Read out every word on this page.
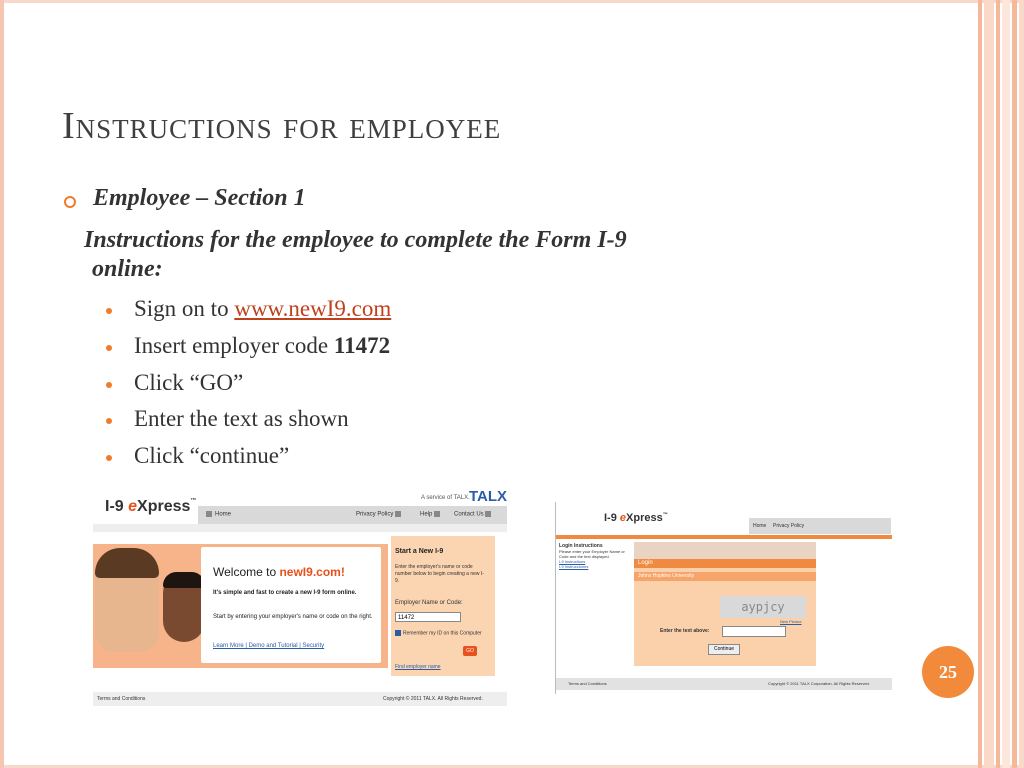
Instructions for employee
Employee – Section 1
Instructions for the employee to complete the Form I-9
online:
Sign on to www.newI9.com
Insert employer code 11472
Click “GO”
Enter the text as shown
Click “continue”
I-9 eXpress™	A service of TALX. TALX
Home	Privacy Policy	Help	Contact Us
Welcome to newI9.com!
It's simple and fast to create a new I-9 form online.
Start by entering your employer's name or code on the right.
Learn More | Demo and Tutorial | Security
Start a New I-9
Enter the employer's name or code number below to begin creating a new I-9.
Employer Name or Code:
11472
Remember my ID on this Computer
GO
Find employer name
Terms and Conditions	Copyright © 2011 TALX. All Rights Reserved.
I-9 eXpress™
Home Privacy Policy
Login Instructions
Please enter your Employer Name or Code and the text displayed.
I-9 Instructions
I-9 Instrucciones
Login
Johns Hopkins University
aypjcy
New Picture
Enter the text above:
Continue
Terms and Conditions	Copyright © 2011 TALX Corporation. All Rights Reserved.
25
